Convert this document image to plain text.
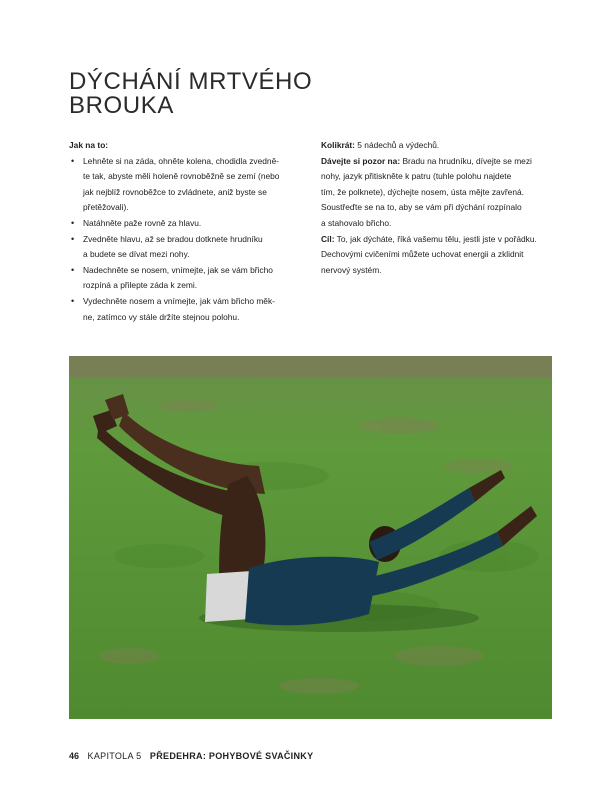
DÝCHÁNÍ MRTVÉHO
BROUKA

Jak na to:

• Lehněte si na záda, ohněte kolena, chodidla zvedně-
te tak, abyste měli holeně rovnoběžně se zemí (nebo
jak nejblíž rovnoběžce to zvládnete, aniž byste se
přetěžovali).
• Natáhněte paže rovně za hlavu.
• Zvedněte hlavu, až se bradou dotknete hrudníku
a budete se dívat mezi nohy.
• Nadechněte se nosem, vnímejte, jak se vám břicho
rozpíná a přilepte záda k zemi.
• Vydechněte nosem a vnímejte, jak vám břicho měk-
ne, zatímco vy stále držíte stejnou polohu.
Kolikrát: 5 nádechů a výdechů.
Dávejte si pozor na: Bradu na hrudníku, dívejte se mezi
nohy, jazyk přitiskněte k patru (tuhle polohu najdete
tím, že polknete), dýchejte nosem, ústa mějte zavřená.
Soustřeďte se na to, aby se vám při dýchání rozpínalo
a stahovalo břicho.
Cíl: To, jak dýcháte, říká vašemu tělu, jestli jste v pořádku.
Dechovými cvičeními můžete uchovat energii a zklidnit
nervový systém.
46 KAPITOLA 5 PŘEDEHRA: POHYBOVÉ SVAČINKY
